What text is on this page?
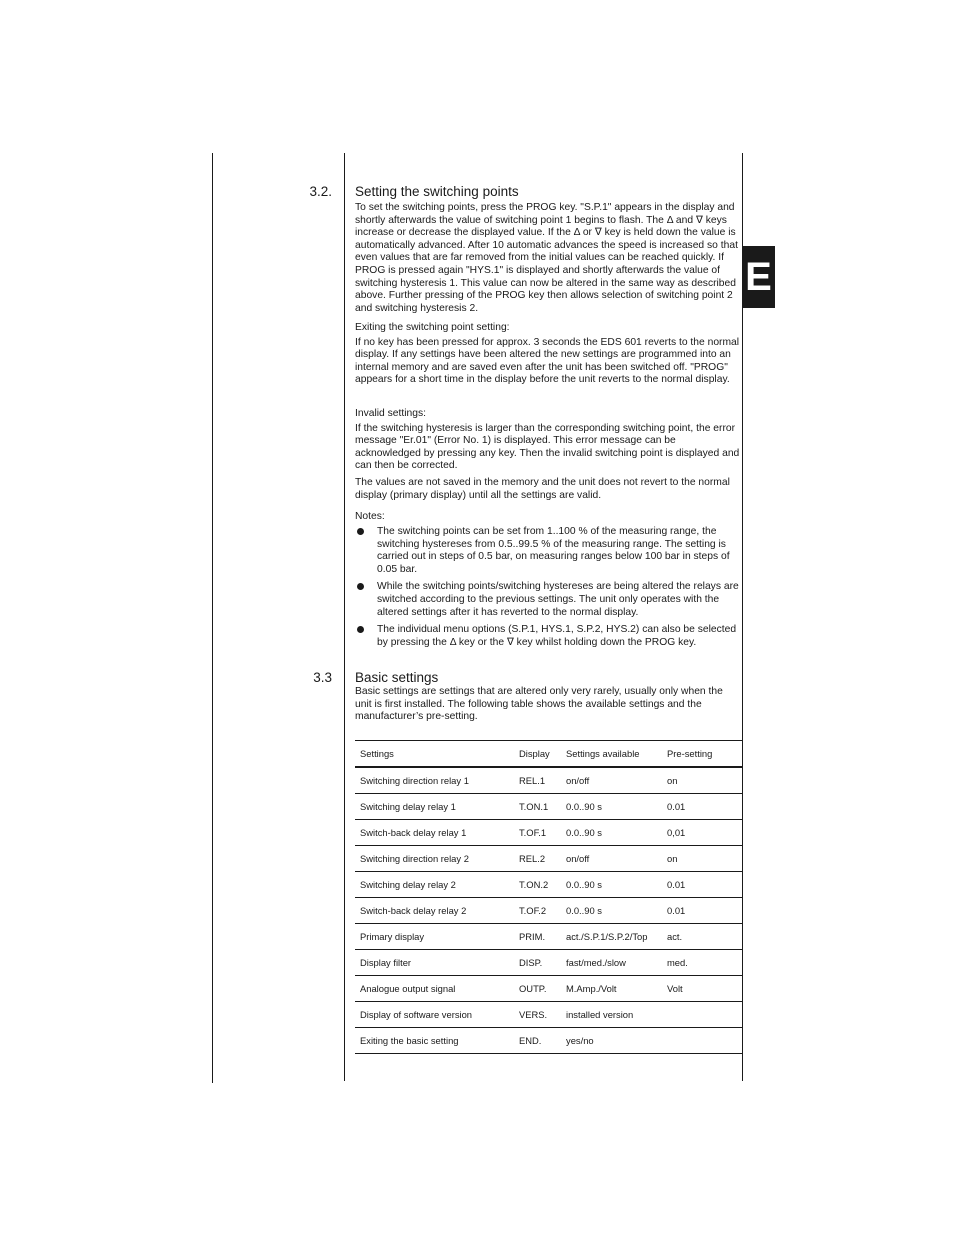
E
3.2. Setting the switching points

To set the switching points, press the PROG key. "S.P.1" appears in the display and shortly afterwards the value of switching point 1 begins to flash. The Δ and ∇ keys increase or decrease the displayed value. If the Δ or ∇ key is held down the value is automatically advanced. After 10 automatic advances the speed is increased so that even values that are far removed from the initial values can be reached quickly. If PROG is pressed again "HYS.1" is displayed and shortly afterwards the value of switching hysteresis 1. This value can now be altered in the same way as described above. Further pressing of the PROG key then allows selection of switching point 2 and switching hysteresis 2.

Exiting the switching point setting:

If no key has been pressed for approx. 3 seconds the EDS 601 reverts to the normal display. If any settings have been altered the new settings are programmed into an internal memory and are saved even after the unit has been switched off. "PROG" appears for a short time in the display before the unit reverts to the normal display.

Invalid settings:

If the switching hysteresis is larger than the corresponding switching point, the error message "Er.01" (Error No. 1) is displayed. This error message can be acknowledged by pressing any key. Then the invalid switching point is displayed and can then be corrected.

The values are not saved in the memory and the unit does not revert to the normal display (primary display) until all the settings are valid.

Notes:
The switching points can be set from 1..100 % of the measuring range, the switching hystereses from 0.5..99.5 % of the measuring range. The setting is carried out in steps of 0.5 bar, on measuring ranges below 100 bar in steps of 0.05 bar.
While the switching points/switching hystereses are being altered the relays are switched according to the previous settings. The unit only operates with the altered settings after it has reverted to the normal display.
The individual menu options (S.P.1, HYS.1, S.P.2, HYS.2) can also be selected by pressing the Δ key or the ∇ key whilst holding down the PROG key.
3.3 Basic settings

Basic settings are settings that are altered only very rarely, usually only when the unit is first installed. The following table shows the available settings and the manufacturer’s pre-setting.

Settings	Display	Settings available	Pre-setting
Switching direction relay 1	REL.1	on/off	on
Switching delay relay 1	T.ON.1	0.0..90 s	0.01
Switch-back delay relay 1	T.OF.1	0.0..90 s	0,01
Switching direction relay 2	REL.2	on/off	on
Switching delay relay 2	T.ON.2	0.0..90 s	0.01
Switch-back delay relay 2	T.OF.2	0.0..90 s	0.01
Primary display	PRIM.	act./S.P.1/S.P.2/Top	act.
Display filter	DISP.	fast/med./slow	med.
Analogue output signal	OUTP.	M.Amp./Volt	Volt
Display of software version	VERS.	installed version	
Exiting the basic setting	END.	yes/no	
